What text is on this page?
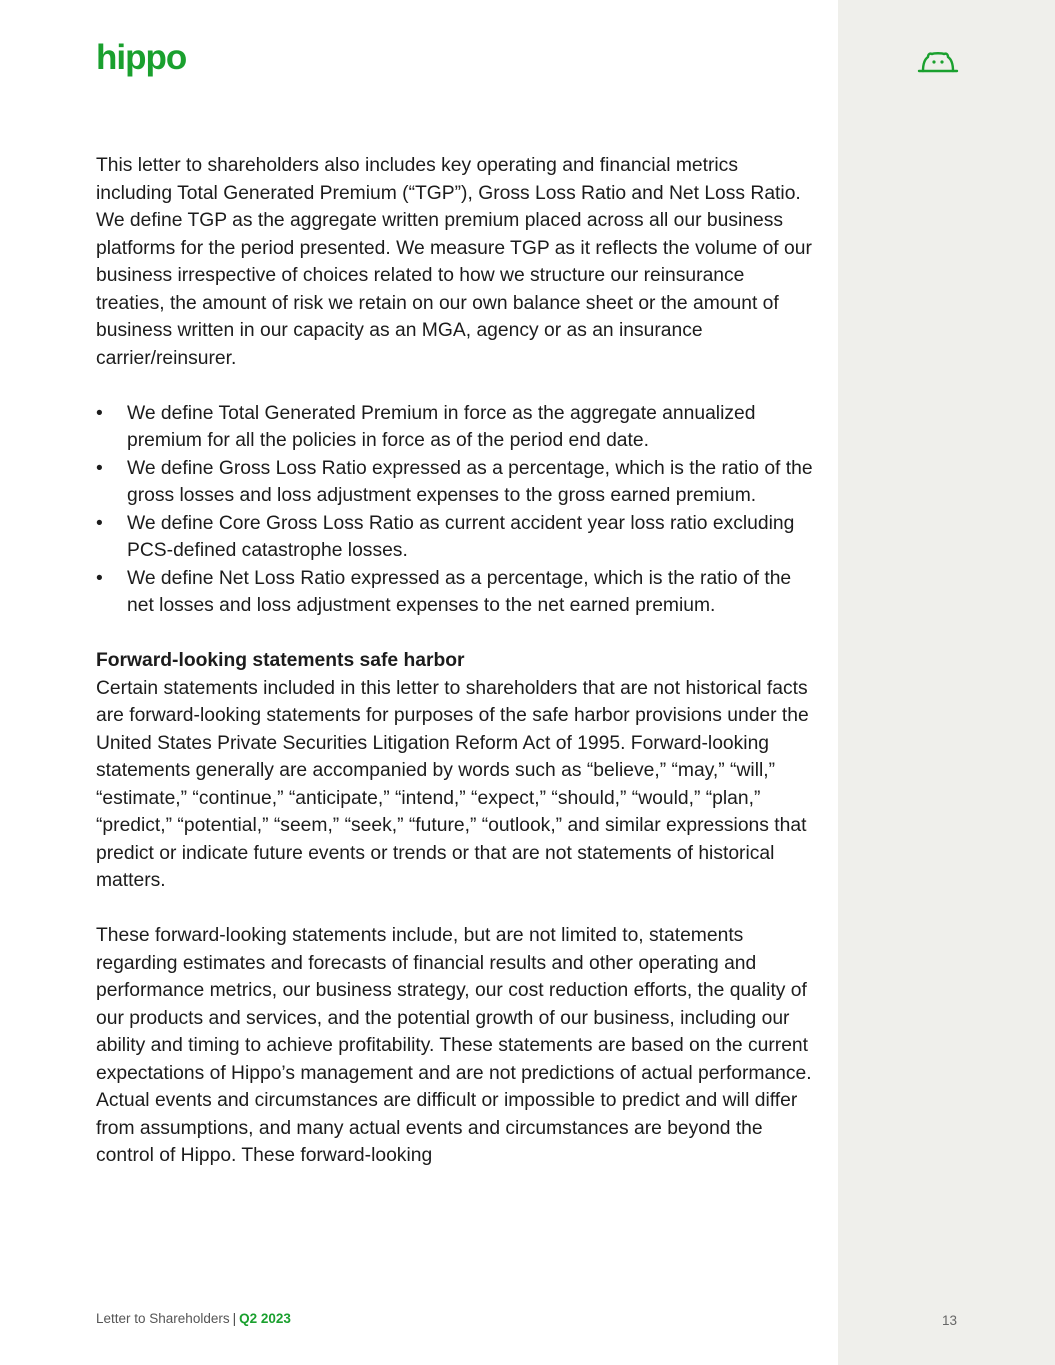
hippo

This letter to shareholders also includes key operating and financial metrics including Total Generated Premium (“TGP”), Gross Loss Ratio and Net Loss Ratio. We define TGP as the aggregate written premium placed across all our business platforms for the period presented. We measure TGP as it reflects the volume of our business irrespective of choices related to how we structure our reinsurance treaties, the amount of risk we retain on our own balance sheet or the amount of business written in our capacity as an MGA, agency or as an insurance carrier/reinsurer.

• We define Total Generated Premium in force as the aggregate annualized premium for all the policies in force as of the period end date.
• We define Gross Loss Ratio expressed as a percentage, which is the ratio of the gross losses and loss adjustment expenses to the gross earned premium.
• We define Core Gross Loss Ratio as current accident year loss ratio excluding PCS-defined catastrophe losses.
• We define Net Loss Ratio expressed as a percentage, which is the ratio of the net losses and loss adjustment expenses to the net earned premium.

Forward-looking statements safe harbor

Certain statements included in this letter to shareholders that are not historical facts are forward-looking statements for purposes of the safe harbor provisions under the United States Private Securities Litigation Reform Act of 1995. Forward-looking statements generally are accompanied by words such as “believe,” “may,” “will,” “estimate,” “continue,” “anticipate,” “intend,” “expect,” “should,” “would,” “plan,” “predict,” “potential,” “seem,” “seek,” “future,” “outlook,” and similar expressions that predict or indicate future events or trends or that are not statements of historical matters.

These forward-looking statements include, but are not limited to, statements regarding estimates and forecasts of financial results and other operating and performance metrics, our business strategy, our cost reduction efforts, the quality of our products and services, and the potential growth of our business, including our ability and timing to achieve profitability. These statements are based on the current expectations of Hippo’s management and are not predictions of actual performance. Actual events and circumstances are difficult or impossible to predict and will differ from assumptions, and many actual events and circumstances are beyond the control of Hippo. These forward-looking

Letter to Shareholders | Q2 2023	13
